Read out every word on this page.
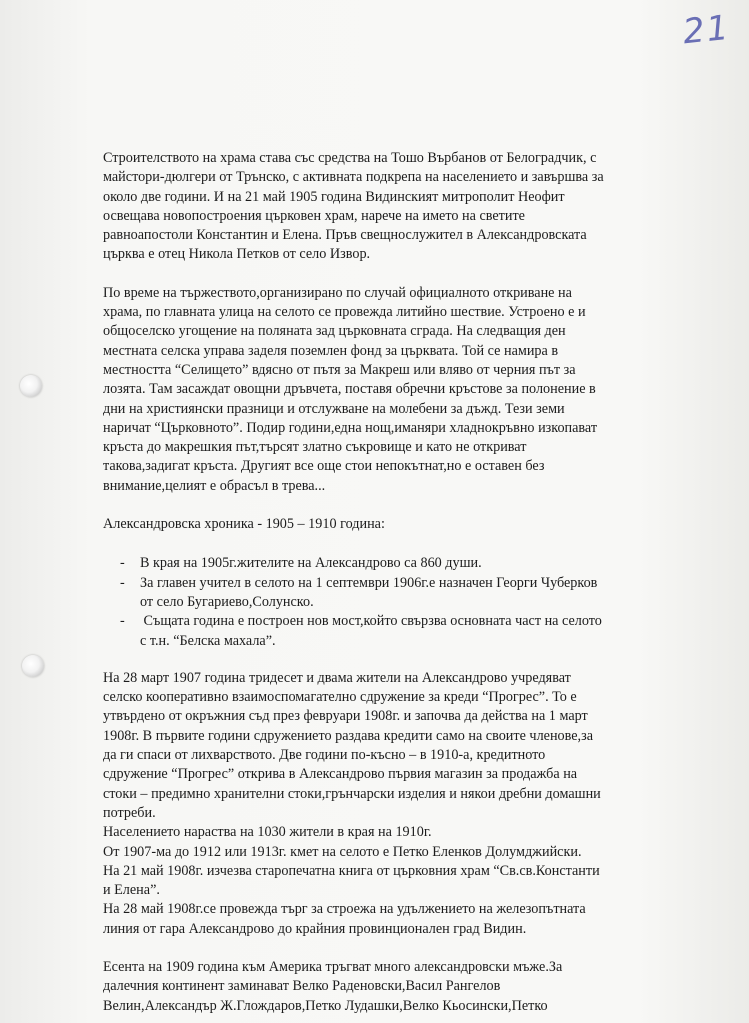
21

Строителството на храма става със средства на Тошо Върбанов от Белоградчик, с
майстори-дюлгери от Трънско, с активната подкрепа на населението и завършва за
около две години. И на 21 май 1905 година Видинският митрополит Неофит
освещава новопостроения църковен храм, нарече на името на светите
равноапостоли Константин и Елена. Пръв свещнослужител в Александровската
църква е отец Никола Петков от село Извор.

По време на тържеството,организирано по случай официалното откриване на
храма, по главната улица на селото се провежда литийно шествие. Устроено е и
общоселско угощение на поляната зад църковната сграда. На следващия ден
местната селска управа заделя поземлен фонд за църквата. Той се намира в
местността “Селището” вдясно от пътя за Макреш или вляво от черния път за
лозята. Там засаждат овощни дръвчета, поставя обречни кръстове за полонение в
дни на християнски празници и отслужване на молебени за дъжд. Тези земи
наричат “Църковното”. Подир години,една нощ,иманяри хладнокръвно изкопават
кръста до макрешкия път,търсят златно съкровище и като не откриват
такова,задигат кръста. Другият все още стои непокътнат,но е оставен без
внимание,целият е обрасъл в трева...

Александровска хроника - 1905 – 1910 година:

-	В края на 1905г.жителите на Александрово са 860 души.
-	За главен учител в селото на 1 септември 1906г.е назначен Георги Чуберков
от село Бугариево,Солунско.
-	Същата година е построен нов мост,който свързва основната част на селото
с т.н. “Белска махала”.

На 28 март 1907 година тридесет и двама жители на Александрово учредяват
селско кооперативно взаимоспомагателно сдружение за креди “Прогрес”. То е
утвърдено от окръжния съд през февруари 1908г. и започва да действа на 1 март
1908г. В първите години сдружението раздава кредити само на своите членове,за
да ги спаси от лихварството. Две години по-късно – в 1910-а, кредитното
сдружение “Прогрес” открива в Александрово първия магазин за продажба на
стоки – предимно хранителни стоки,грънчарски изделия и някои дребни домашни
потреби.

Населението нараства на 1030 жители в края на 1910г.

От 1907-ма до 1912 или 1913г. кмет на селото е Петко Еленков Долумджийски.

На 21 май 1908г. изчезва старопечатна книга от църковния храм “Св.св.Константи
и Елена”.

На 28 май 1908г.се провежда търг за строежа на удължението на железопътната
линия от гара Александрово до крайния провинционален град Видин.

Есента на 1909 година към Америка тръгват много александровски мъже.За
далечния континент заминават Велко Раденовски,Васил Рангелов
Велин,Александър Ж.Глождаров,Петко Лудашки,Велко Кьосински,Петко
